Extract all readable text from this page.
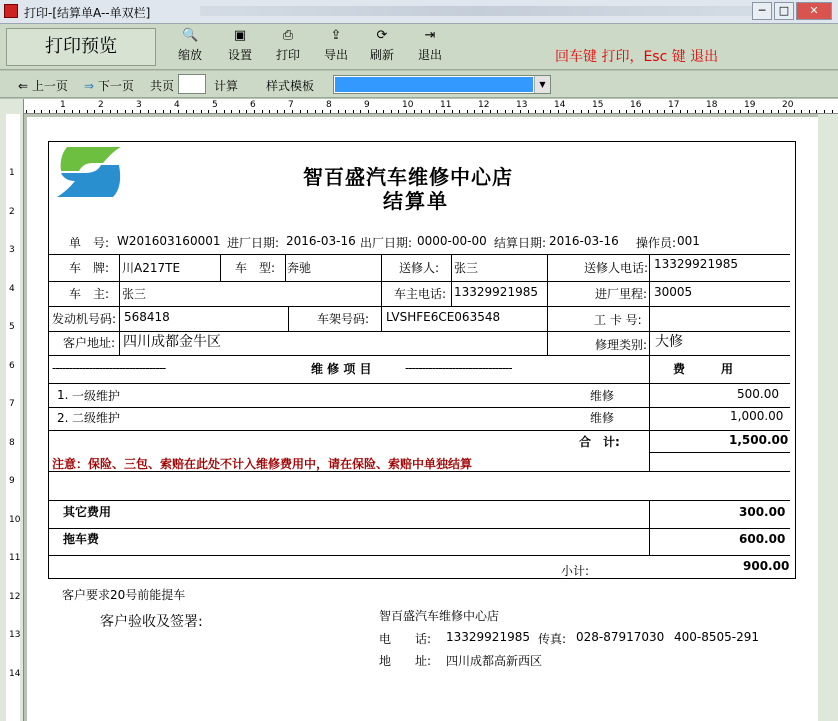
打印-[结算单A--单双栏]	─	□	✕
打印预览
🔍
缩放
▣
设置
⎙
打印
⇪
导出
⟳
刷新
⇥
退出	回车键 打印，Esc 键 退出
⇐ 上一页 ⇒ 下一页 共页	计算 样式模板	▼
1	2	3	4	5	6	7	8	9	10	11	12	13	14	15	16	17	18	19	20
1
2
3
4
5
6
7
8
9
10
11
12
13
14
智百盛汽车维修中心店
结算单
单　号: W201603160001 进厂日期: 2016-03-16 出厂日期: 0000-00-00 结算日期: 2016-03-16 操作员: 001
车　牌: 川A217TE	车　型: 奔驰	送修人: 张三	送修人电话: 13329921985
车　主: 张三	车主电话: 13329921985	进厂里程: 30005
发动机号码: 568418	车架号码: LVSHFE6CE063548	工 卡 号:
客户地址: 四川成都金牛区	修理类别: 大修
----------------------------------	维 修 项 目	--------------------------------	费　　　用
1. 一级维护	维修	500.00
2. 二级维护	维修	1,000.00
合　计:	1,500.00
注意：保险、三包、索赔在此处不计入维修费用中，请在保险、索赔中单独结算
其它费用	300.00
拖车费	600.00
小计:	900.00
客户要求20号前能提车
客户验收及签署:	智百盛汽车维修中心店
电　　话: 13329921985 传真: 028-87917030 400-8505-291
地　　址: 四川成都高新西区
